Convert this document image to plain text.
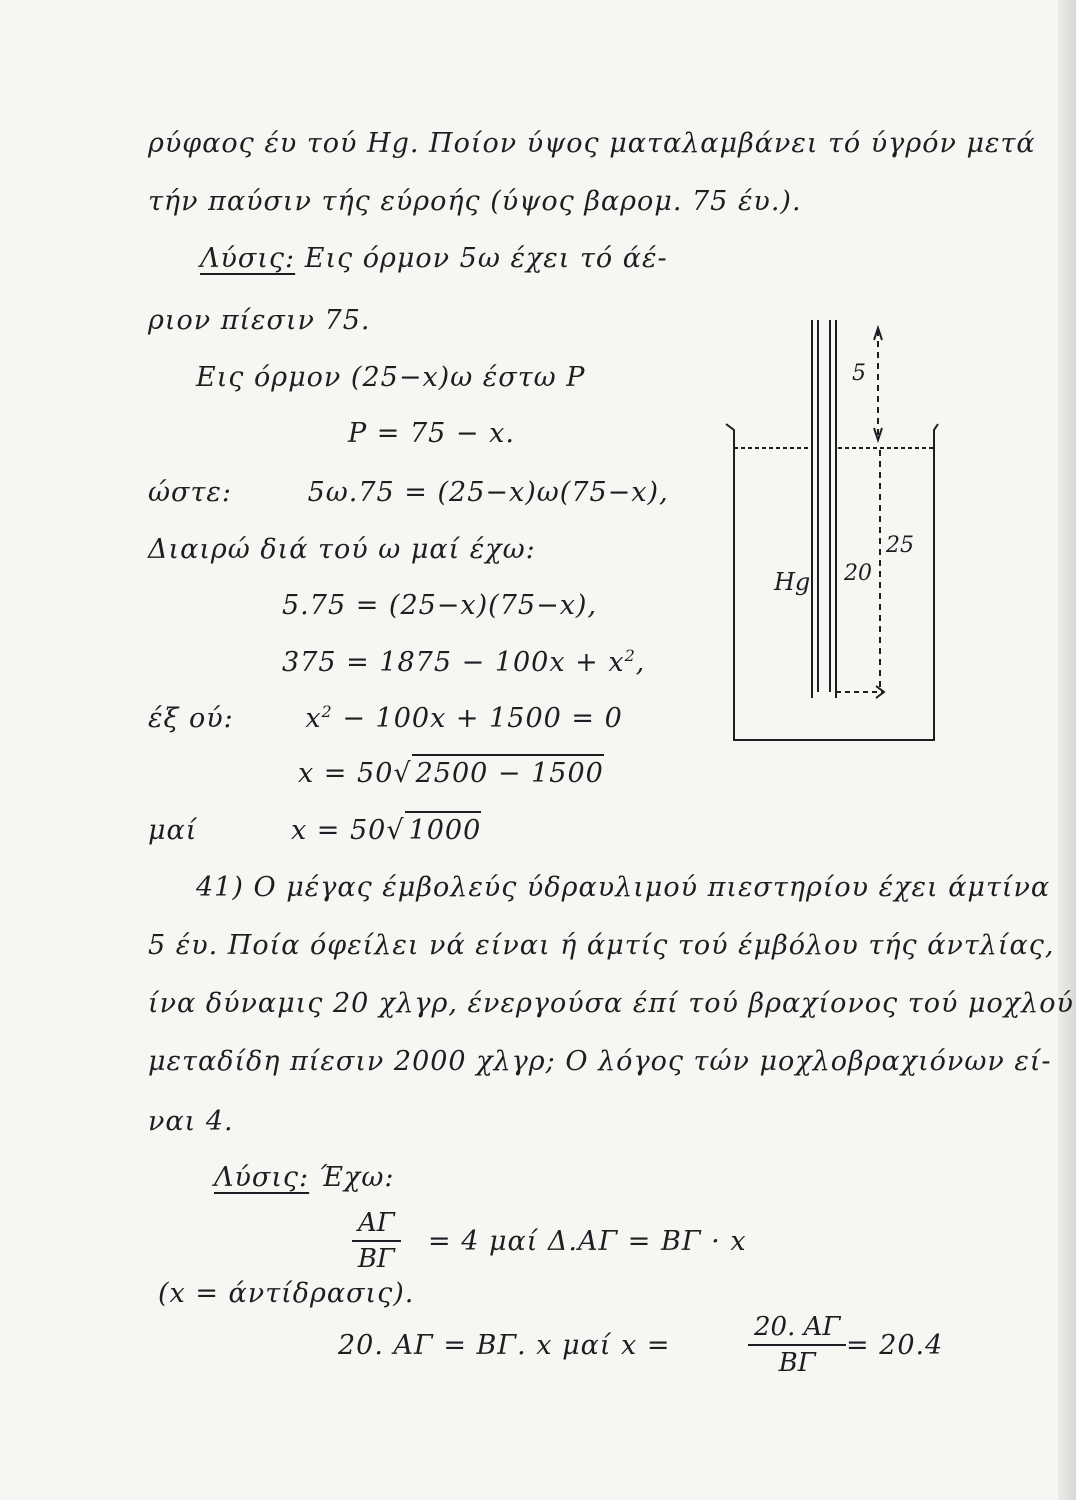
ρύφαος έυ τού Hg. Ποίον ύψος ματαλαμβάνει τό ύγρόν μετά
τήν παύσιν τής εύροής (ύψος βαρομ. 75 έυ.).
Λύσις: Εις όρμον 5ω έχει τό άέ-
ριον πίεσιν 75.
Εις όρμον (25−x)ω έστω P
P = 75 − x.
ώστε:	5ω.75 = (25−x)ω(75−x),
Διαιρώ διά τού ω μαί έχω:
5.75 = (25−x)(75−x),
$375 = 1875 - 100x + x^2$,
έξ ού:	$x^2 - 100x + 1500 = 0$
x = 50√ 2500 − 1500
μαί	x = 50√ 1000
41) Ο μέγας έμβολεύς ύδραυλιμού πιεστηρίου έχει άμτίνα
5 έυ. Ποία όφείλει νά είναι ή άμτίς τού έμβόλου τής άντλίας,
ίνα δύναμις 20 χλγρ, ένεργούσα έπί τού βραχίονος τού μοχλού
μεταδίδη πίεσιν 2000 χλγρ; Ο λόγος τών μοχλοβραχιόνων εί-
ναι 4.
Λύσις: Έχω:
$\frac{A\Gamma}{B\Gamma} = 4$ μαί Δ.ΑΓ = ΒΓ · x
(x = άντίδρασις).
20. ΑΓ = ΒΓ. x μαί x =	$\frac{20. A\Gamma}{B\Gamma} = 20.4$
5
Hg 20
25
